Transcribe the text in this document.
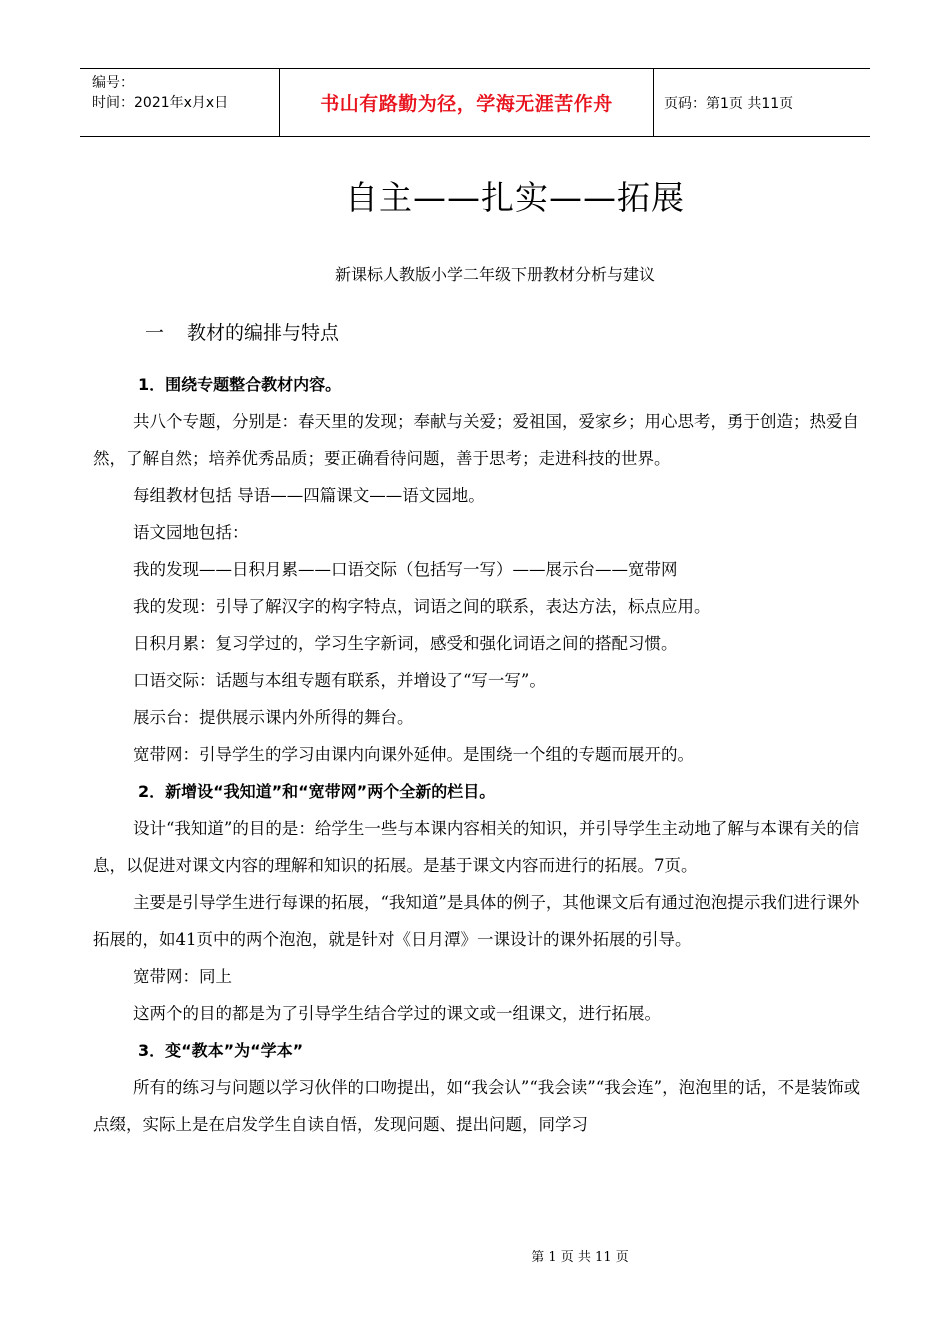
编号：
时间：2021年x月x日	书山有路勤为径，学海无涯苦作舟	页码：第1页 共11页
自主——扎实——拓展
新课标人教版小学二年级下册教材分析与建议
一 教材的编排与特点

1．围绕专题整合教材内容。

共八个专题，分别是：春天里的发现；奉献与关爱；爱祖国，爱家乡；用心思考，勇于创造；热爱自然，了解自然；培养优秀品质；要正确看待问题，善于思考；走进科技的世界。

每组教材包括 导语——四篇课文——语文园地。

语文园地包括：

我的发现——日积月累——口语交际（包括写一写）——展示台——宽带网

我的发现：引导了解汉字的构字特点，词语之间的联系，表达方法，标点应用。

日积月累：复习学过的，学习生字新词，感受和强化词语之间的搭配习惯。

口语交际：话题与本组专题有联系，并增设了“写一写”。

展示台：提供展示课内外所得的舞台。

宽带网：引导学生的学习由课内向课外延伸。是围绕一个组的专题而展开的。

2．新增设“我知道”和“宽带网”两个全新的栏目。

设计“我知道”的目的是：给学生一些与本课内容相关的知识，并引导学生主动地了解与本课有关的信息，以促进对课文内容的理解和知识的拓展。是基于课文内容而进行的拓展。7页。

主要是引导学生进行每课的拓展，“我知道”是具体的例子，其他课文后有通过泡泡提示我们进行课外拓展的，如41页中的两个泡泡，就是针对《日月潭》一课设计的课外拓展的引导。

宽带网：同上

这两个的目的都是为了引导学生结合学过的课文或一组课文，进行拓展。

3．变“教本”为“学本”

所有的练习与问题以学习伙伴的口吻提出，如“我会认”“我会读”“我会连”，泡泡里的话，不是装饰或点缀，实际上是在启发学生自读自悟，发现问题、提出问题，同学习

第 1 页 共 11 页
